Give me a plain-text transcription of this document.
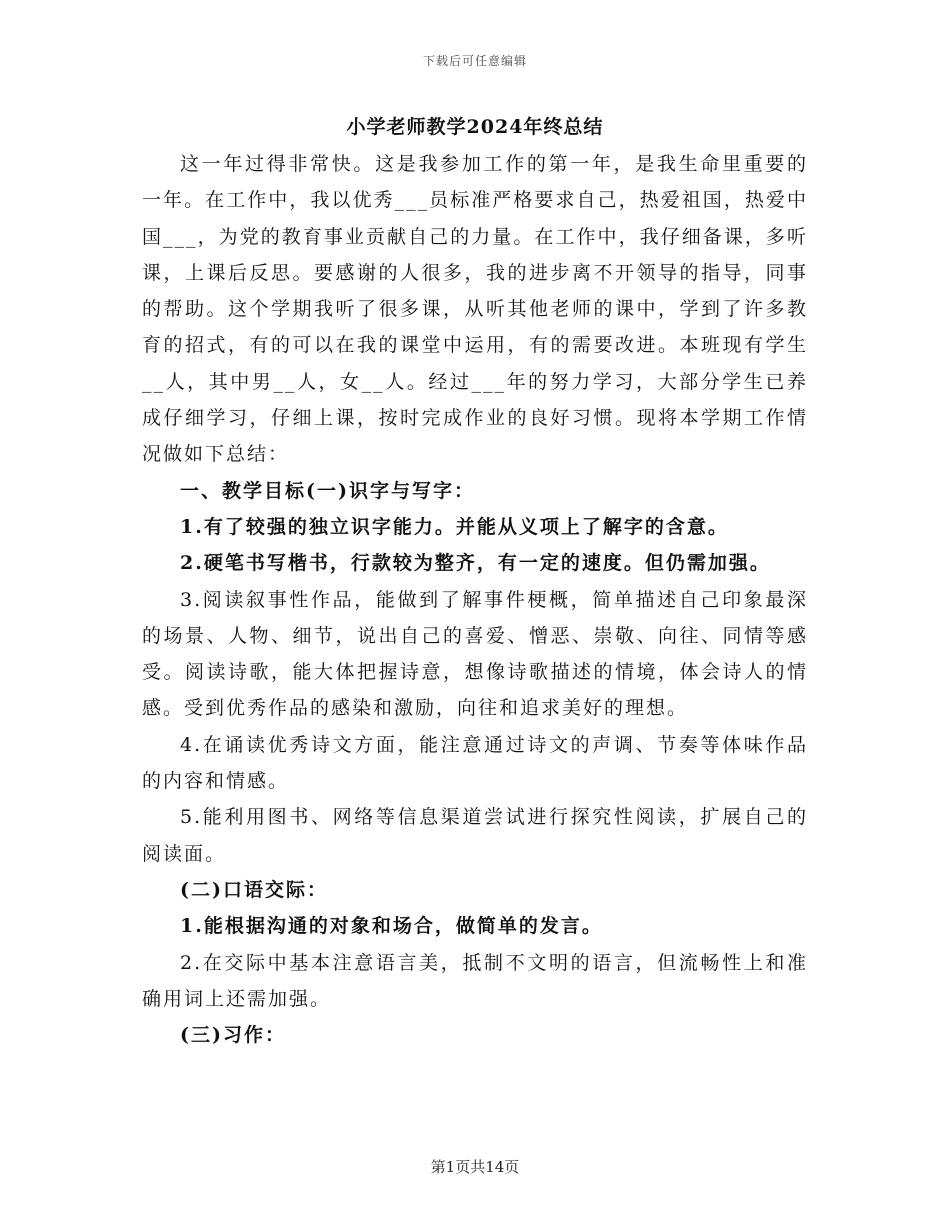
下载后可任意编辑
小学老师教学2024年终总结

这一年过得非常快。这是我参加工作的第一年，是我生命里重要的一年。在工作中，我以优秀___员标准严格要求自己，热爱祖国，热爱中国___，为党的教育事业贡献自己的力量。在工作中，我仔细备课，多听课，上课后反思。要感谢的人很多，我的进步离不开领导的指导，同事的帮助。这个学期我听了很多课，从听其他老师的课中，学到了许多教育的招式，有的可以在我的课堂中运用，有的需要改进。本班现有学生__人，其中男__人，女__人。经过___年的努力学习，大部分学生已养成仔细学习，仔细上课，按时完成作业的良好习惯。现将本学期工作情况做如下总结：

一、教学目标(一)识字与写字：

1.有了较强的独立识字能力。并能从义项上了解字的含意。

2.硬笔书写楷书，行款较为整齐，有一定的速度。但仍需加强。

3.阅读叙事性作品，能做到了解事件梗概，简单描述自己印象最深的场景、人物、细节，说出自己的喜爱、憎恶、崇敬、向往、同情等感受。阅读诗歌，能大体把握诗意，想像诗歌描述的情境，体会诗人的情感。受到优秀作品的感染和激励，向往和追求美好的理想。

4.在诵读优秀诗文方面，能注意通过诗文的声调、节奏等体味作品的内容和情感。

5.能利用图书、网络等信息渠道尝试进行探究性阅读，扩展自己的阅读面。

(二)口语交际：

1.能根据沟通的对象和场合，做简单的发言。

2.在交际中基本注意语言美，抵制不文明的语言，但流畅性上和准确用词上还需加强。

(三)习作：

第1页共14页
